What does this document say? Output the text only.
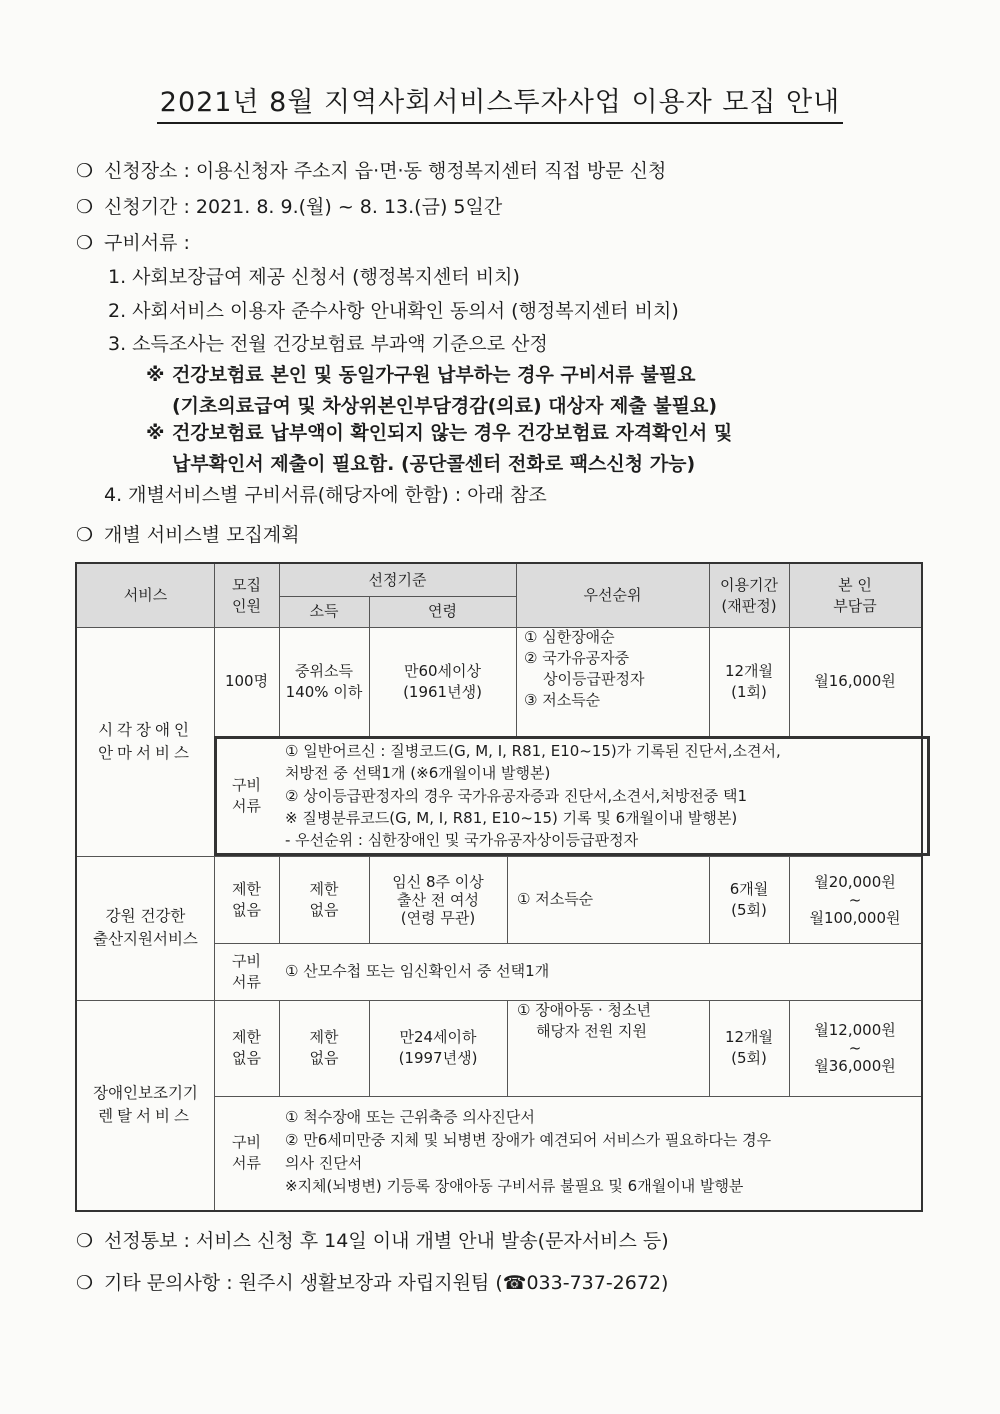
2021년 8월 지역사회서비스투자사업 이용자 모집 안내
❍ 신청장소 : 이용신청자 주소지 읍·면·동 행정복지센터 직접 방문 신청
❍ 신청기간 : 2021. 8. 9.(월) ~ 8. 13.(금) 5일간
❍ 구비서류 :
1. 사회보장급여 제공 신청서 (행정복지센터 비치)
2. 사회서비스 이용자 준수사항 안내확인 동의서 (행정복지센터 비치)
3. 소득조사는 전월 건강보험료 부과액 기준으로 산정
※ 건강보험료 본인 및 동일가구원 납부하는 경우 구비서류 불필요
(기초의료급여 및 차상위본인부담경감(의료) 대상자 제출 불필요)
※ 건강보험료 납부액이 확인되지 않는 경우 건강보험료 자격확인서 및
납부확인서 제출이 필요함. (공단콜센터 전화로 팩스신청 가능)
4. 개별서비스별 구비서류(해당자에 한함) : 아래 참조
❍ 개별 서비스별 모집계획
서비스
모집
인원
선정기준
소득	연령
우선순위
이용기간
(재판정)
본 인
부담금
시각장애인
안마서비스
100명
중위소득
140% 이하
만60세이상
(1961년생)
① 심한장애순
② 국가유공자중
상이등급판정자
③ 저소득순
12개월
(1회)
월16,000원
구비
서류

① 일반어르신 : 질병코드(G, M, I, R81, E10~15)가 기록된 진단서,소견서,

처방전 중 선택1개 (※6개월이내 발행본)

② 상이등급판정자의 경우 국가유공자증과 진단서,소견서,처방전중 택1

※ 질병분류코드(G, M, I, R81, E10~15) 기록 및 6개월이내 발행본)

- 우선순위 : 심한장애인 및 국가유공자상이등급판정자

강원 건강한
출산지원서비스
제한
없음
제한
없음
임신 8주 이상
출산 전 여성
(연령 무관)
① 저소득순
6개월
(5회)
월20,000원
~
월100,000원
구비
서류
① 산모수첩 또는 임신확인서 중 선택1개
장애인보조기기
렌탈서비스
제한
없음
제한
없음
만24세이하
(1997년생)
① 장애아동 · 청소년
해당자 전원 지원	12개월
(5회)
월12,000원
~
월36,000원
구비
서류

① 척수장애 또는 근위축증 의사진단서

② 만6세미만중 지체 및 뇌병변 장애가 예견되어 서비스가 필요하다는 경우

의사 진단서

※지체(뇌병변) 기등록 장애아동 구비서류 불필요 및 6개월이내 발행분

❍ 선정통보 : 서비스 신청 후 14일 이내 개별 안내 발송(문자서비스 등)
❍ 기타 문의사항 : 원주시 생활보장과 자립지원팀 (☎033-737-2672)
